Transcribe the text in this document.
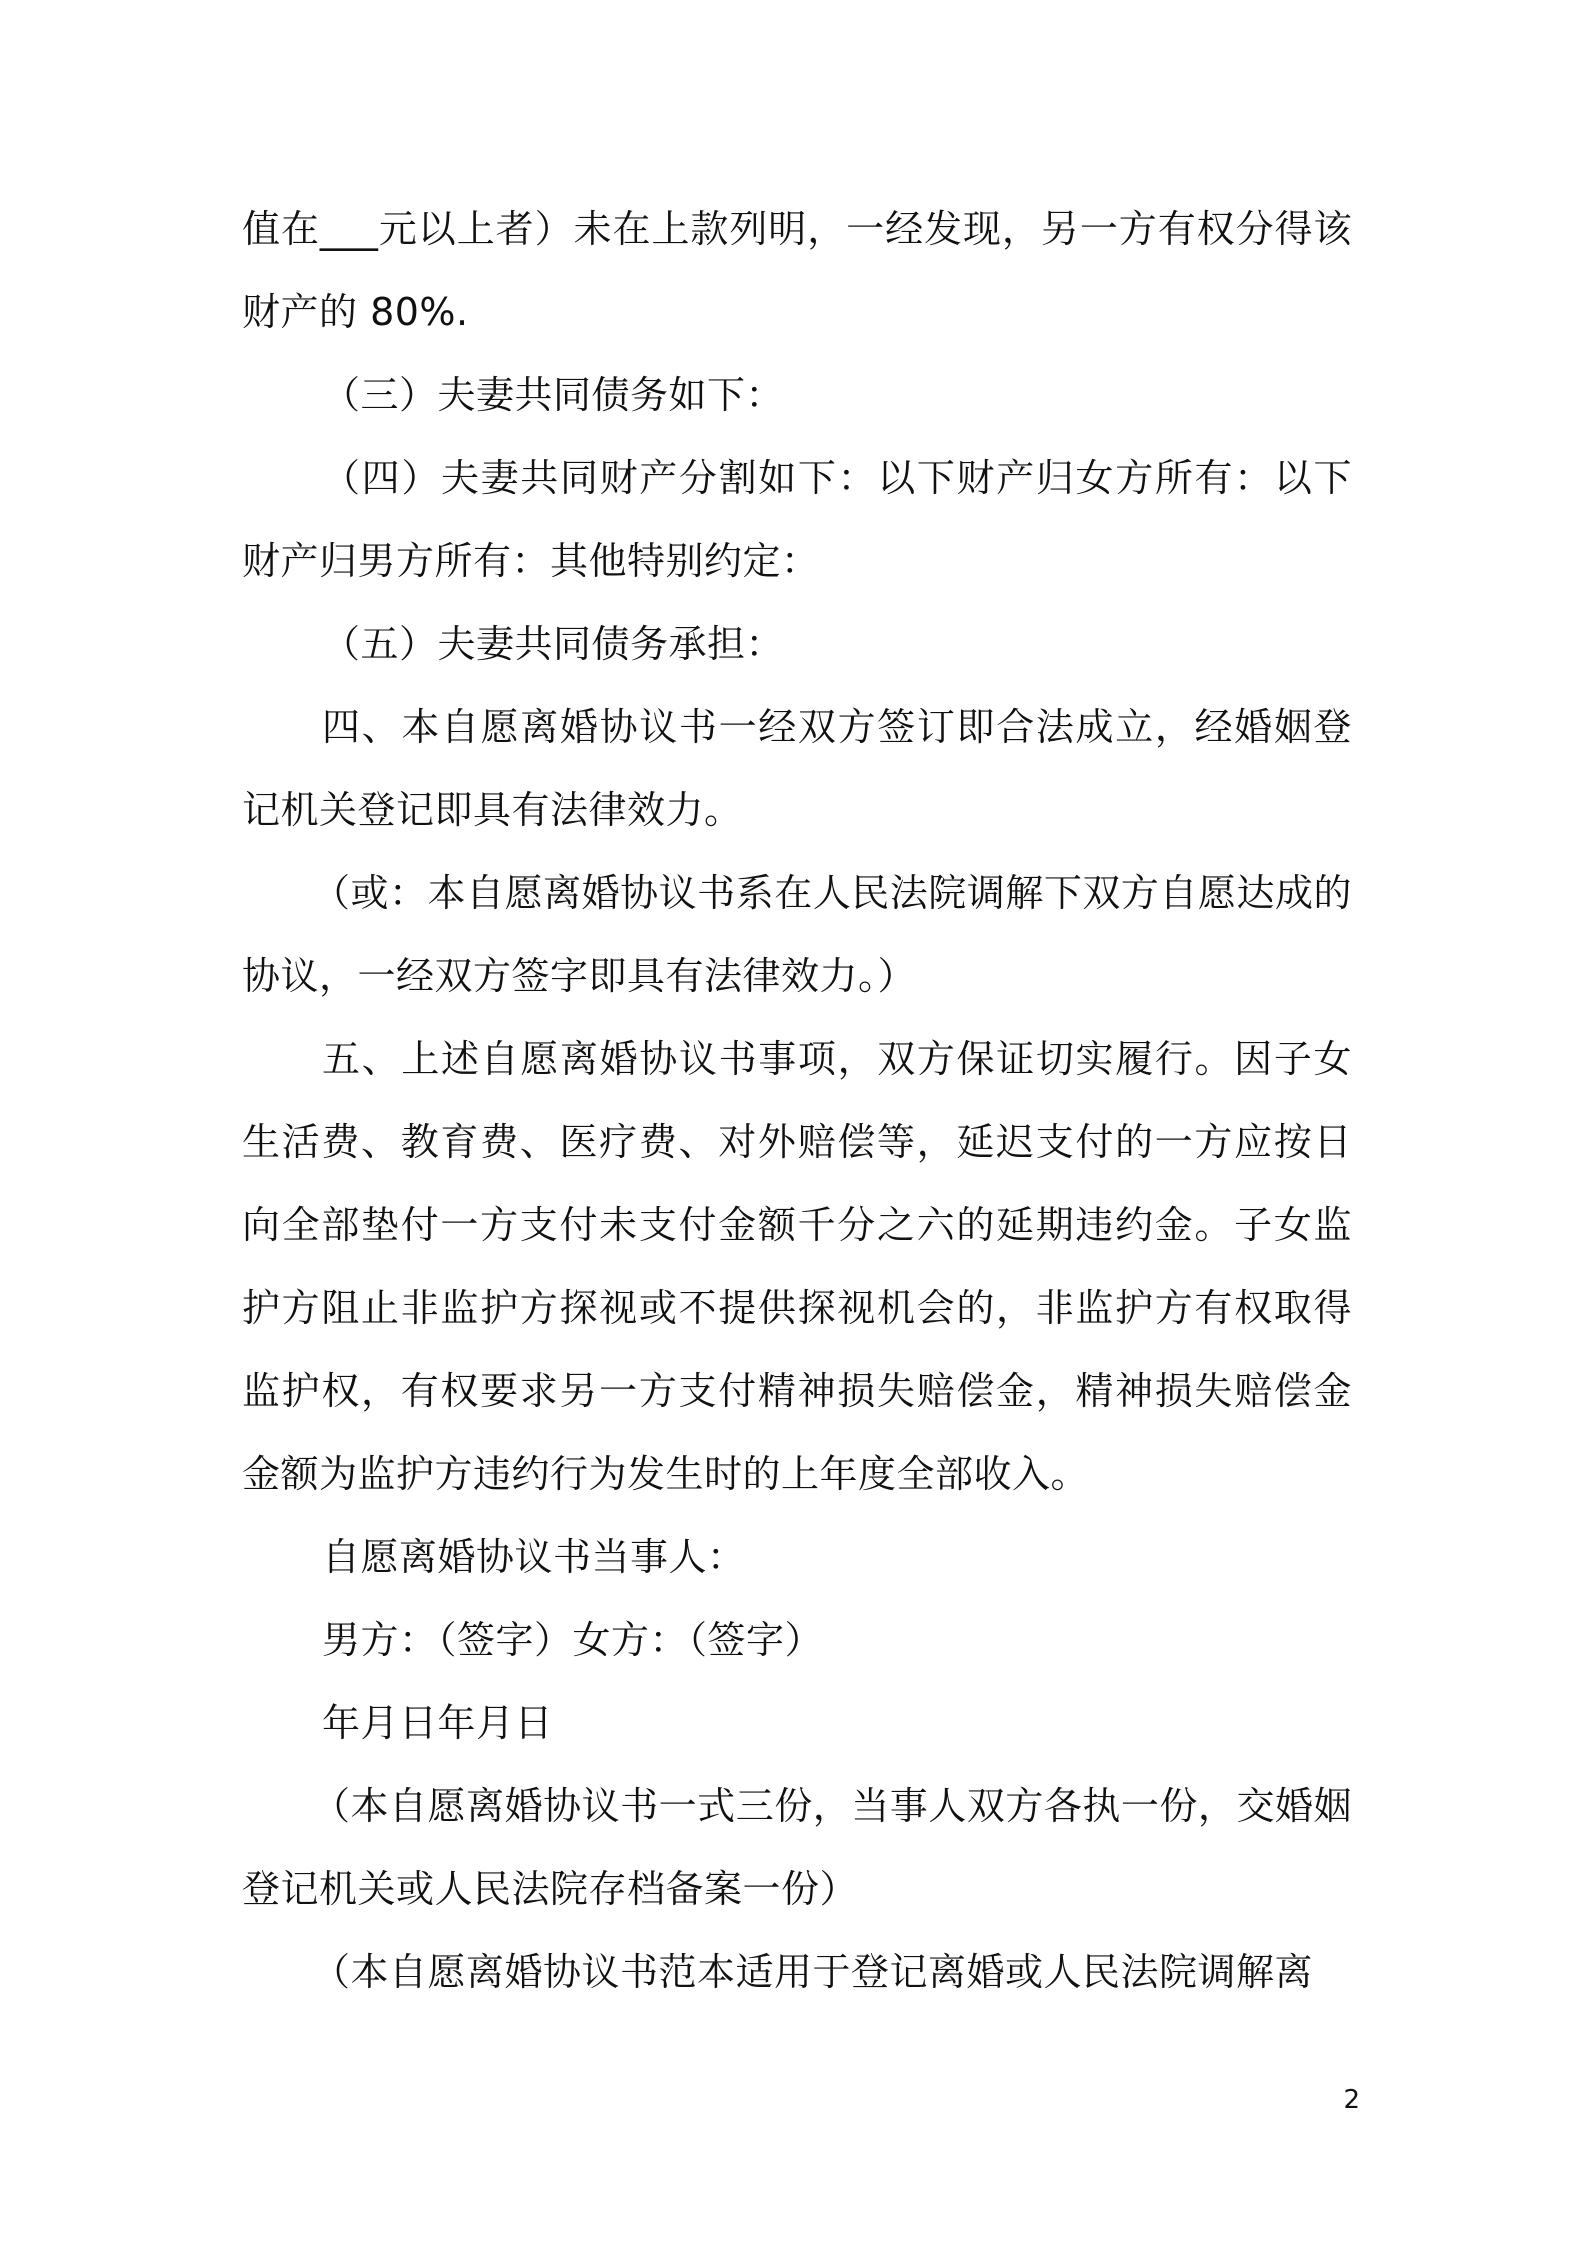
值在___元以上者）未在上款列明，一经发现，另一方有权分得该财产的 80%.

（三）夫妻共同债务如下：

（四）夫妻共同财产分割如下：以下财产归女方所有：以下财产归男方所有：其他特别约定：

（五）夫妻共同债务承担：

四、本自愿离婚协议书一经双方签订即合法成立，经婚姻登记机关登记即具有法律效力。

（或：本自愿离婚协议书系在人民法院调解下双方自愿达成的协议，一经双方签字即具有法律效力。）

五、上述自愿离婚协议书事项，双方保证切实履行。因子女生活费、教育费、医疗费、对外赔偿等，延迟支付的一方应按日向全部垫付一方支付未支付金额千分之六的延期违约金。子女监护方阻止非监护方探视或不提供探视机会的，非监护方有权取得监护权，有权要求另一方支付精神损失赔偿金，精神损失赔偿金金额为监护方违约行为发生时的上年度全部收入。

自愿离婚协议书当事人：

男方：（签字）女方：（签字）

年月日年月日

（本自愿离婚协议书一式三份，当事人双方各执一份，交婚姻登记机关或人民法院存档备案一份）

（本自愿离婚协议书范本适用于登记离婚或人民法院调解离

2
